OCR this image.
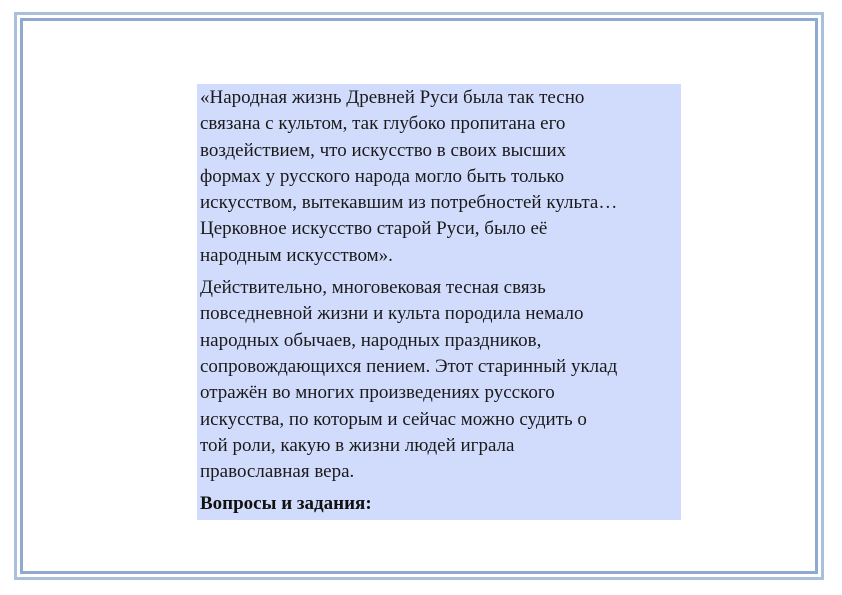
«Народная жизнь Древней Руси была так тесно
связана с культом, так глубоко пропитана его
воздействием, что искусство в своих высших
формах у русского народа могло быть только
искусством, вытекавшим из потребностей культа…
Церковное искусство старой Руси, было её
народным искусством».

Действительно, многовековая тесная связь
повседневной жизни и культа породила немало
народных обычаев, народных праздников,
сопровождающихся пением. Этот старинный уклад
отражён во многих произведениях русского
искусства, по которым и сейчас можно судить о
той роли, какую в жизни людей играла
православная вера.

Вопросы и задания:
